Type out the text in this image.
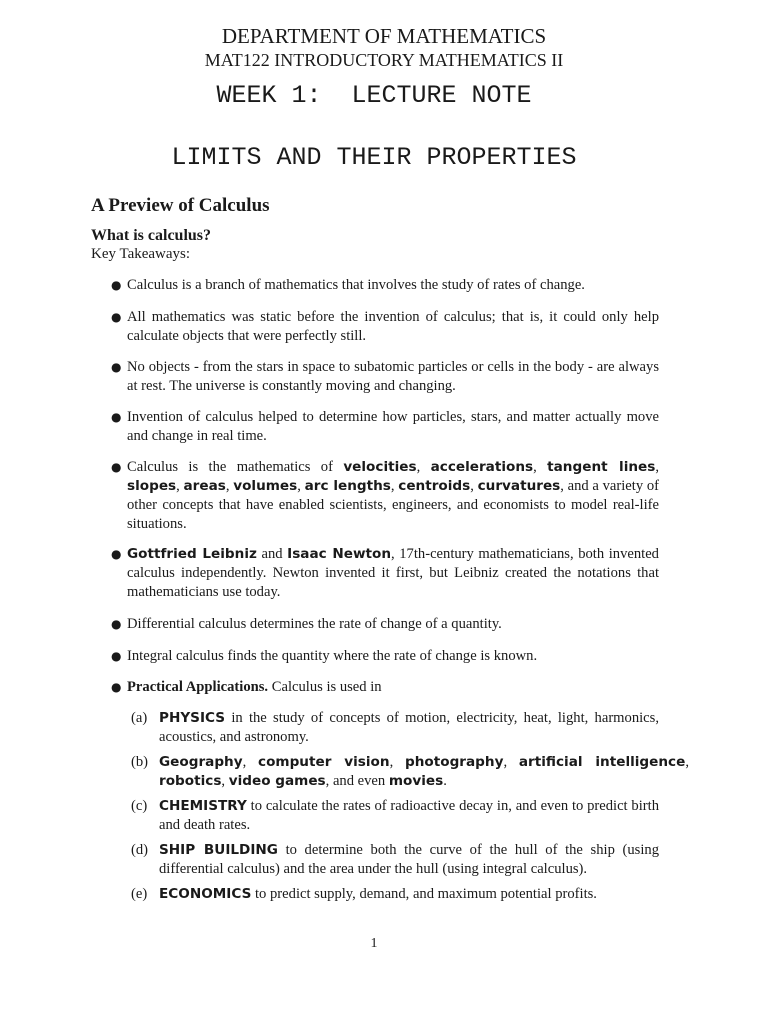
DEPARTMENT OF MATHEMATICS
MAT122 INTRODUCTORY MATHEMATICS II
WEEK 1:  LECTURE NOTE
LIMITS AND THEIR PROPERTIES
A Preview of Calculus
What is calculus?
Key Takeaways:
● Calculus is a branch of mathematics that involves the study of rates of change.
● All mathematics was static before the invention of calculus; that is, it could only help calculate objects that were perfectly still.
● No objects - from the stars in space to subatomic particles or cells in the body - are always at rest. The universe is constantly moving and changing.
● Invention of calculus helped to determine how particles, stars, and matter actually move and change in real time.
● Calculus is the mathematics of velocities, accelerations, tangent lines, slopes, areas, volumes, arc lengths, centroids, curvatures, and a variety of other concepts that have enabled scientists, engineers, and economists to model real-life situations.
● Gottfried Leibniz and Isaac Newton, 17th-century mathematicians, both invented calculus independently. Newton invented it first, but Leibniz created the notations that mathematicians use today.
● Differential calculus determines the rate of change of a quantity.
● Integral calculus finds the quantity where the rate of change is known.
● Practical Applications. Calculus is used in
(a) PHYSICS in the study of concepts of motion, electricity, heat, light, harmonics, acoustics, and astronomy.
(b) Geography, computer vision, photography, artificial intelligence, robotics, video games, and even movies.
(c) CHEMISTRY to calculate the rates of radioactive decay in, and even to predict birth and death rates.
(d) SHIP BUILDING to determine both the curve of the hull of the ship (using differential calculus) and the area under the hull (using integral calculus).
(e) ECONOMICS to predict supply, demand, and maximum potential profits.
1
